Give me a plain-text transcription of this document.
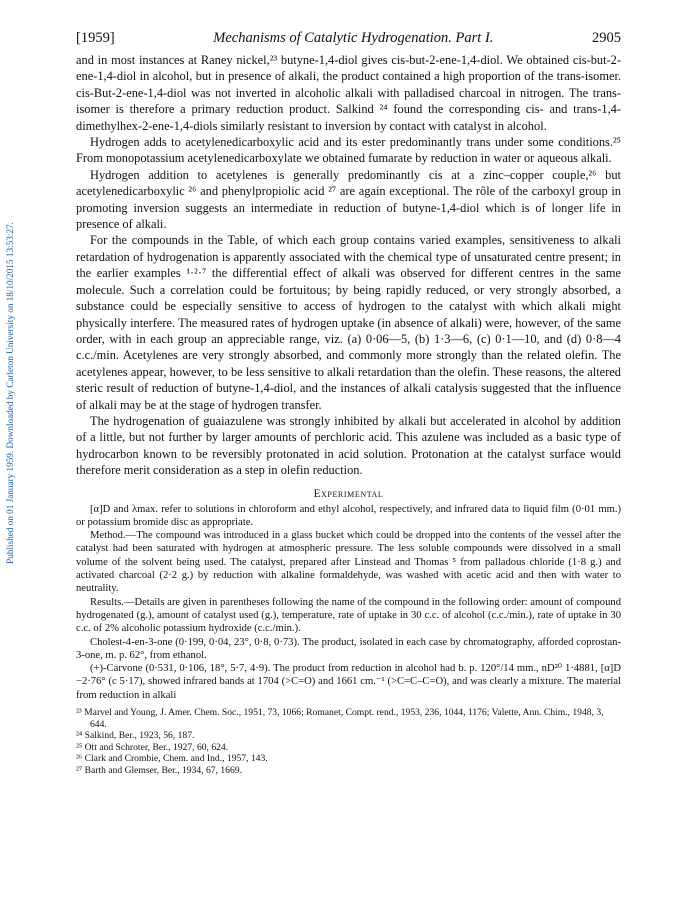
Published on 01 January 1959. Downloaded by Carleton University on 18/10/2015 13:53:27.
[1959]	Mechanisms of Catalytic Hydrogenation. Part I.	2905

and in most instances at Raney nickel,²³ butyne-1,4-diol gives cis-but-2-ene-1,4-diol. We obtained cis-but-2-ene-1,4-diol in alcohol, but in presence of alkali, the product contained a high proportion of the trans-isomer. cis-But-2-ene-1,4-diol was not inverted in alcoholic alkali with palladised charcoal in nitrogen. The trans-isomer is therefore a primary reduction product. Salkind ²⁴ found the corresponding cis- and trans-1,4-dimethylhex-2-ene-1,4-diols similarly resistant to inversion by contact with catalyst in alcohol.

Hydrogen adds to acetylenedicarboxylic acid and its ester predominantly trans under some conditions.²⁵ From monopotassium acetylenedicarboxylate we obtained fumarate by reduction in water or aqueous alkali.

Hydrogen addition to acetylenes is generally predominantly cis at a zinc–copper couple,²⁶ but acetylenedicarboxylic ²⁶ and phenylpropiolic acid ²⁷ are again exceptional. The rôle of the carboxyl group in promoting inversion suggests an intermediate in reduction of butyne-1,4-diol which is of longer life in presence of alkali.

For the compounds in the Table, of which each group contains varied examples, sensitiveness to alkali retardation of hydrogenation is apparently associated with the chemical type of unsaturated centre present; in the earlier examples ¹·²·⁷ the differential effect of alkali was observed for different centres in the same molecule. Such a correlation could be fortuitous; by being rapidly reduced, or very strongly absorbed, a substance could be especially sensitive to access of hydrogen to the catalyst with which alkali might physically interfere. The measured rates of hydrogen uptake (in absence of alkali) were, however, of the same order, with in each group an appreciable range, viz. (a) 0·06—5, (b) 1·3—6, (c) 0·1—10, and (d) 0·8—4 c.c./min. Acetylenes are very strongly absorbed, and commonly more strongly than the related olefin. The acetylenes appear, however, to be less sensitive to alkali retardation than the olefin. These reasons, the altered steric result of reduction of butyne-1,4-diol, and the instances of alkali catalysis suggested that the influence of alkali may be at the stage of hydrogen transfer.

The hydrogenation of guaiazulene was strongly inhibited by alkali but accelerated in alcohol by addition of a little, but not further by larger amounts of perchloric acid. This azulene was included as a basic type of hydrocarbon known to be reversibly protonated in acid solution. Protonation at the catalyst surface would therefore merit consideration as a step in olefin reduction.

Experimental

[α]D and λmax. refer to solutions in chloroform and ethyl alcohol, respectively, and infrared data to liquid film (0·01 mm.) or potassium bromide disc as appropriate.

Method.—The compound was introduced in a glass bucket which could be dropped into the contents of the vessel after the catalyst had been saturated with hydrogen at atmospheric pressure. The less soluble compounds were dissolved in a small volume of the solvent being used. The catalyst, prepared after Linstead and Thomas ⁵ from palladous chloride (1·8 g.) and activated charcoal (2·2 g.) by reduction with alkaline formaldehyde, was washed with acetic acid and then with water to neutrality.

Results.—Details are given in parentheses following the name of the compound in the following order: amount of compound hydrogenated (g.), amount of catalyst used (g.), temperature, rate of uptake in 30 c.c. of alcohol (c.c./min.), rate of uptake in 30 c.c. of 2% alcoholic potassium hydroxide (c.c./min.).

Cholest-4-en-3-one (0·199, 0·04, 23°, 0·8, 0·73). The product, isolated in each case by chromatography, afforded coprostan-3-one, m. p. 62°, from ethanol.

(+)-Carvone (0·531, 0·106, 18°, 5·7, 4·9). The product from reduction in alcohol had b. p. 120°/14 mm., nD²⁰ 1·4881, [α]D −2·76° (c 5·17), showed infrared bands at 1704 (>C=O) and 1661 cm.⁻¹ (>C=C–C=O), and was clearly a mixture. The material from reduction in alkali

²³ Marvel and Young, J. Amer. Chem. Soc., 1951, 73, 1066; Romanet, Compt. rend., 1953, 236, 1044, 1176; Valette, Ann. Chim., 1948, 3, 644.

²⁴ Salkind, Ber., 1923, 56, 187.

²⁵ Ott and Schroter, Ber., 1927, 60, 624.

²⁶ Clark and Crombie, Chem. and Ind., 1957, 143.

²⁷ Barth and Glemser, Ber., 1934, 67, 1669.
